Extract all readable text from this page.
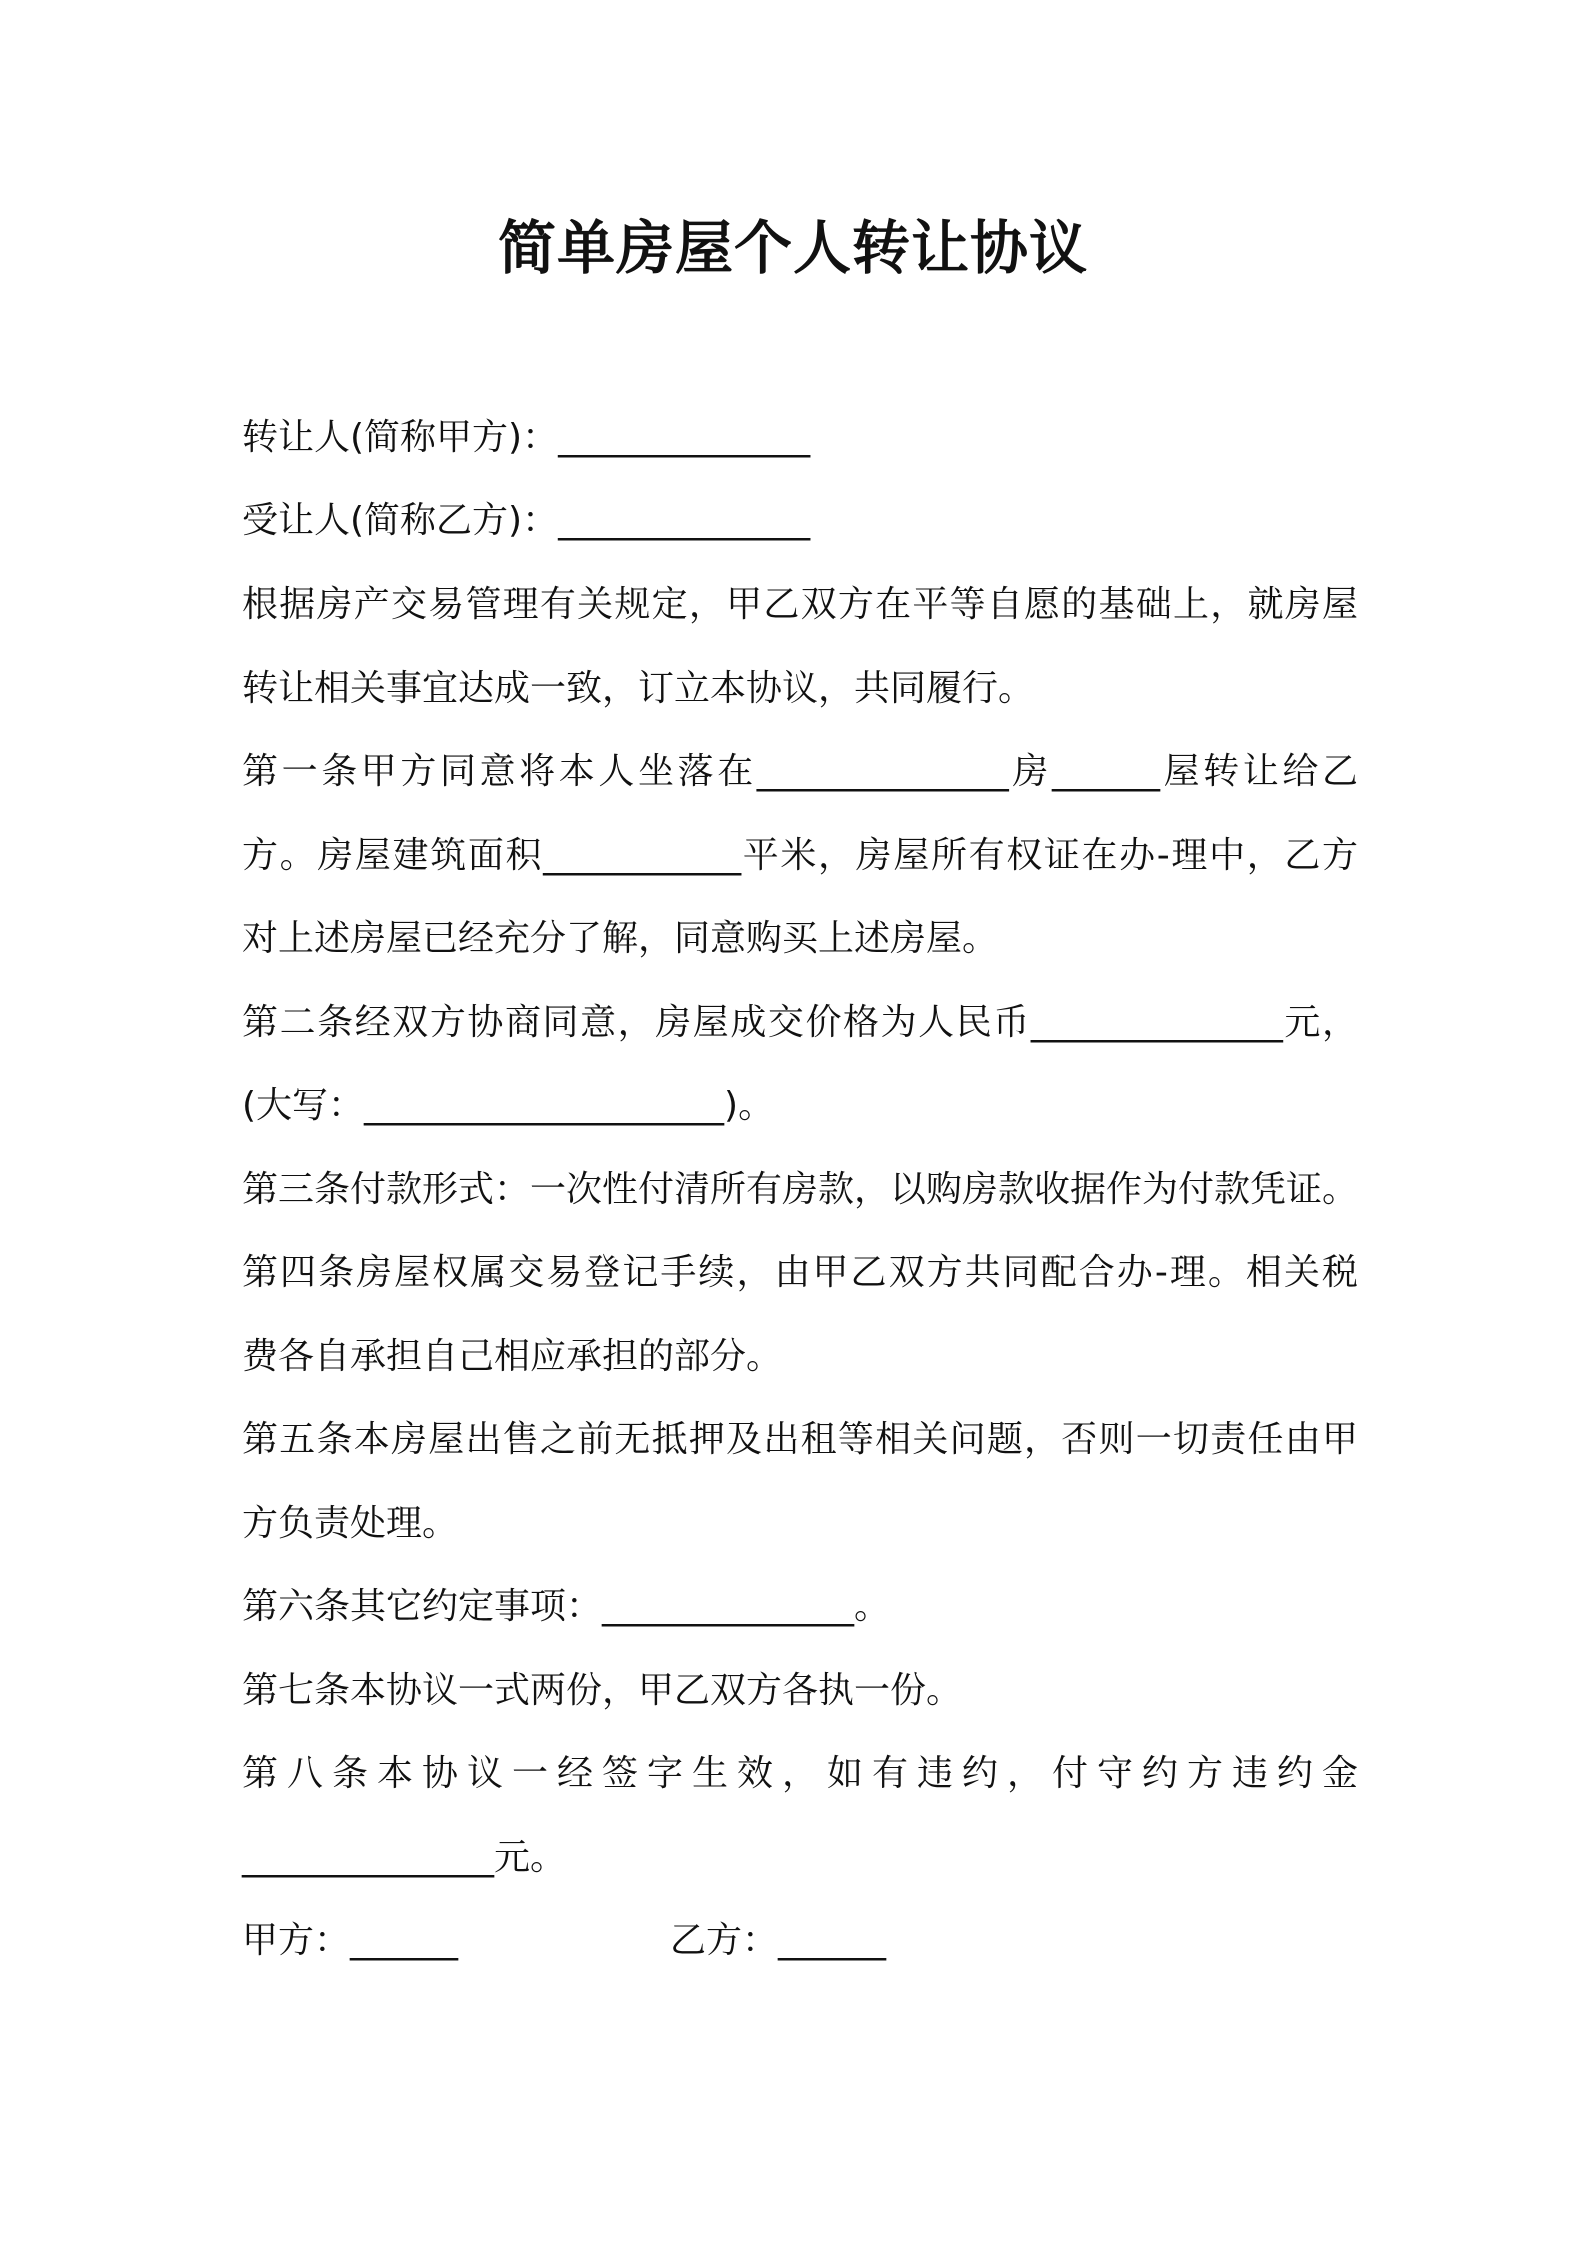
简单房屋个人转让协议
转让人(简称甲方)：______________
受让人(简称乙方)：______________
根据房产交易管理有关规定，甲乙双方在平等自愿的基础上，就房屋
转让相关事宜达成一致，订立本协议，共同履行。
第一条甲方同意将本人坐落在______________房______屋转让给乙
方。房屋建筑面积___________平米，房屋所有权证在办-理中，乙方
对上述房屋已经充分了解，同意购买上述房屋。
第二条经双方协商同意，房屋成交价格为人民币______________元，
(大写：____________________)。
第三条付款形式：一次性付清所有房款，以购房款收据作为付款凭证。
第四条房屋权属交易登记手续，由甲乙双方共同配合办-理。相关税
费各自承担自己相应承担的部分。
第五条本房屋出售之前无抵押及出租等相关问题，否则一切责任由甲
方负责处理。
第六条其它约定事项：______________。
第七条本协议一式两份，甲乙双方各执一份。
第八条本协议一经签字生效，如有违约，付守约方违约金
______________元。
甲方：______	乙方：______
